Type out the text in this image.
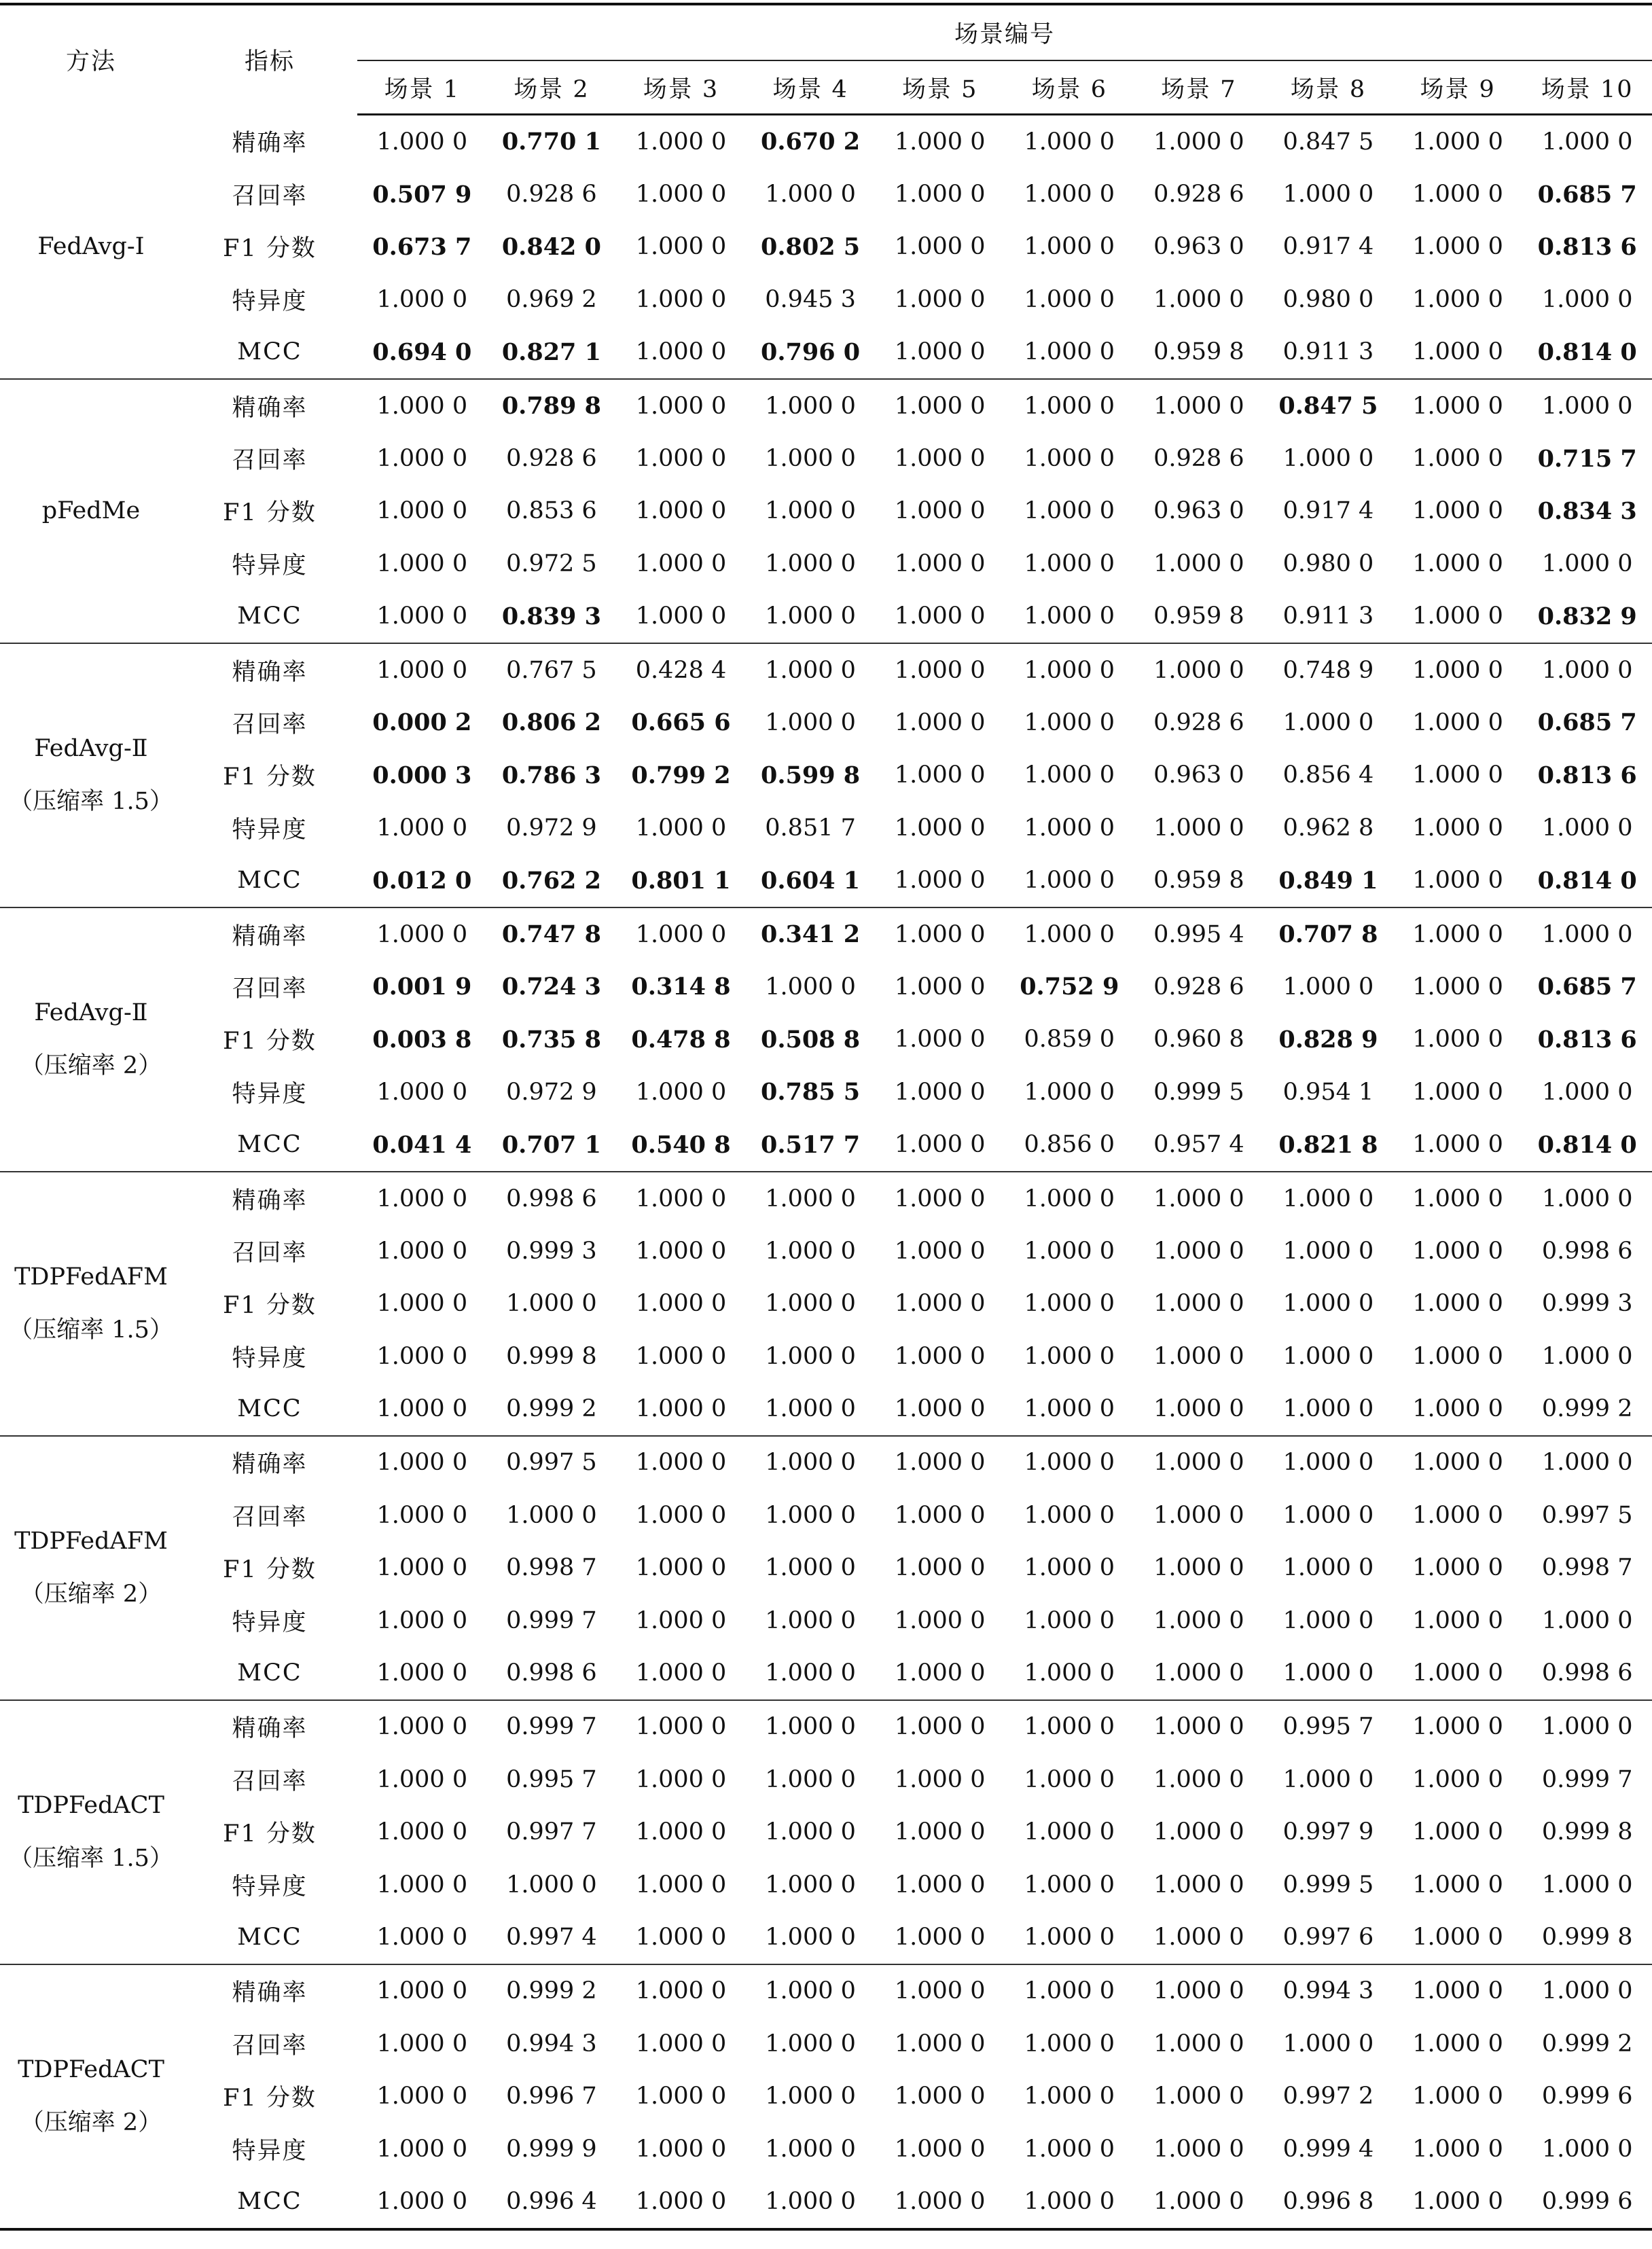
方法	指标	场景编号									
		场景 1	场景 2	场景 3	场景 4	场景 5	场景 6	场景 7	场景 8	场景 9	场景 10

FedAvg-Ⅰ	精确率	1.000 0	0.770 1	1.000 0	0.670 2	1.000 0	1.000 0	1.000 0	0.847 5	1.000 0	1.000 0
	召回率	0.507 9	0.928 6	1.000 0	1.000 0	1.000 0	1.000 0	0.928 6	1.000 0	1.000 0	0.685 7
	F1 分数	0.673 7	0.842 0	1.000 0	0.802 5	1.000 0	1.000 0	0.963 0	0.917 4	1.000 0	0.813 6
	特异度	1.000 0	0.969 2	1.000 0	0.945 3	1.000 0	1.000 0	1.000 0	0.980 0	1.000 0	1.000 0
	MCC	0.694 0	0.827 1	1.000 0	0.796 0	1.000 0	1.000 0	0.959 8	0.911 3	1.000 0	0.814 0

pFedMe	精确率	1.000 0	0.789 8	1.000 0	1.000 0	1.000 0	1.000 0	1.000 0	0.847 5	1.000 0	1.000 0
	召回率	1.000 0	0.928 6	1.000 0	1.000 0	1.000 0	1.000 0	0.928 6	1.000 0	1.000 0	0.715 7
	F1 分数	1.000 0	0.853 6	1.000 0	1.000 0	1.000 0	1.000 0	0.963 0	0.917 4	1.000 0	0.834 3
	特异度	1.000 0	0.972 5	1.000 0	1.000 0	1.000 0	1.000 0	1.000 0	0.980 0	1.000 0	1.000 0
	MCC	1.000 0	0.839 3	1.000 0	1.000 0	1.000 0	1.000 0	0.959 8	0.911 3	1.000 0	0.832 9

FedAvg-Ⅱ
（压缩率 1.5）	精确率	1.000 0	0.767 5	0.428 4	1.000 0	1.000 0	1.000 0	1.000 0	0.748 9	1.000 0	1.000 0
	召回率	0.000 2	0.806 2	0.665 6	1.000 0	1.000 0	1.000 0	0.928 6	1.000 0	1.000 0	0.685 7
	F1 分数	0.000 3	0.786 3	0.799 2	0.599 8	1.000 0	1.000 0	0.963 0	0.856 4	1.000 0	0.813 6
	特异度	1.000 0	0.972 9	1.000 0	0.851 7	1.000 0	1.000 0	1.000 0	0.962 8	1.000 0	1.000 0
	MCC	0.012 0	0.762 2	0.801 1	0.604 1	1.000 0	1.000 0	0.959 8	0.849 1	1.000 0	0.814 0

FedAvg-Ⅱ
（压缩率 2）	精确率	1.000 0	0.747 8	1.000 0	0.341 2	1.000 0	1.000 0	0.995 4	0.707 8	1.000 0	1.000 0
	召回率	0.001 9	0.724 3	0.314 8	1.000 0	1.000 0	0.752 9	0.928 6	1.000 0	1.000 0	0.685 7
	F1 分数	0.003 8	0.735 8	0.478 8	0.508 8	1.000 0	0.859 0	0.960 8	0.828 9	1.000 0	0.813 6
	特异度	1.000 0	0.972 9	1.000 0	0.785 5	1.000 0	1.000 0	0.999 5	0.954 1	1.000 0	1.000 0
	MCC	0.041 4	0.707 1	0.540 8	0.517 7	1.000 0	0.856 0	0.957 4	0.821 8	1.000 0	0.814 0

TDPFedAFM
（压缩率 1.5）	精确率	1.000 0	0.998 6	1.000 0	1.000 0	1.000 0	1.000 0	1.000 0	1.000 0	1.000 0	1.000 0
	召回率	1.000 0	0.999 3	1.000 0	1.000 0	1.000 0	1.000 0	1.000 0	1.000 0	1.000 0	0.998 6
	F1 分数	1.000 0	1.000 0	1.000 0	1.000 0	1.000 0	1.000 0	1.000 0	1.000 0	1.000 0	0.999 3
	特异度	1.000 0	0.999 8	1.000 0	1.000 0	1.000 0	1.000 0	1.000 0	1.000 0	1.000 0	1.000 0
	MCC	1.000 0	0.999 2	1.000 0	1.000 0	1.000 0	1.000 0	1.000 0	1.000 0	1.000 0	0.999 2

TDPFedAFM
（压缩率 2）	精确率	1.000 0	0.997 5	1.000 0	1.000 0	1.000 0	1.000 0	1.000 0	1.000 0	1.000 0	1.000 0
	召回率	1.000 0	1.000 0	1.000 0	1.000 0	1.000 0	1.000 0	1.000 0	1.000 0	1.000 0	0.997 5
	F1 分数	1.000 0	0.998 7	1.000 0	1.000 0	1.000 0	1.000 0	1.000 0	1.000 0	1.000 0	0.998 7
	特异度	1.000 0	0.999 7	1.000 0	1.000 0	1.000 0	1.000 0	1.000 0	1.000 0	1.000 0	1.000 0
	MCC	1.000 0	0.998 6	1.000 0	1.000 0	1.000 0	1.000 0	1.000 0	1.000 0	1.000 0	0.998 6

TDPFedACT
（压缩率 1.5）	精确率	1.000 0	0.999 7	1.000 0	1.000 0	1.000 0	1.000 0	1.000 0	0.995 7	1.000 0	1.000 0
	召回率	1.000 0	0.995 7	1.000 0	1.000 0	1.000 0	1.000 0	1.000 0	1.000 0	1.000 0	0.999 7
	F1 分数	1.000 0	0.997 7	1.000 0	1.000 0	1.000 0	1.000 0	1.000 0	0.997 9	1.000 0	0.999 8
	特异度	1.000 0	1.000 0	1.000 0	1.000 0	1.000 0	1.000 0	1.000 0	0.999 5	1.000 0	1.000 0
	MCC	1.000 0	0.997 4	1.000 0	1.000 0	1.000 0	1.000 0	1.000 0	0.997 6	1.000 0	0.999 8

TDPFedACT
（压缩率 2）	精确率	1.000 0	0.999 2	1.000 0	1.000 0	1.000 0	1.000 0	1.000 0	0.994 3	1.000 0	1.000 0
	召回率	1.000 0	0.994 3	1.000 0	1.000 0	1.000 0	1.000 0	1.000 0	1.000 0	1.000 0	0.999 2
	F1 分数	1.000 0	0.996 7	1.000 0	1.000 0	1.000 0	1.000 0	1.000 0	0.997 2	1.000 0	0.999 6
	特异度	1.000 0	0.999 9	1.000 0	1.000 0	1.000 0	1.000 0	1.000 0	0.999 4	1.000 0	1.000 0
	MCC	1.000 0	0.996 4	1.000 0	1.000 0	1.000 0	1.000 0	1.000 0	0.996 8	1.000 0	0.999 6
